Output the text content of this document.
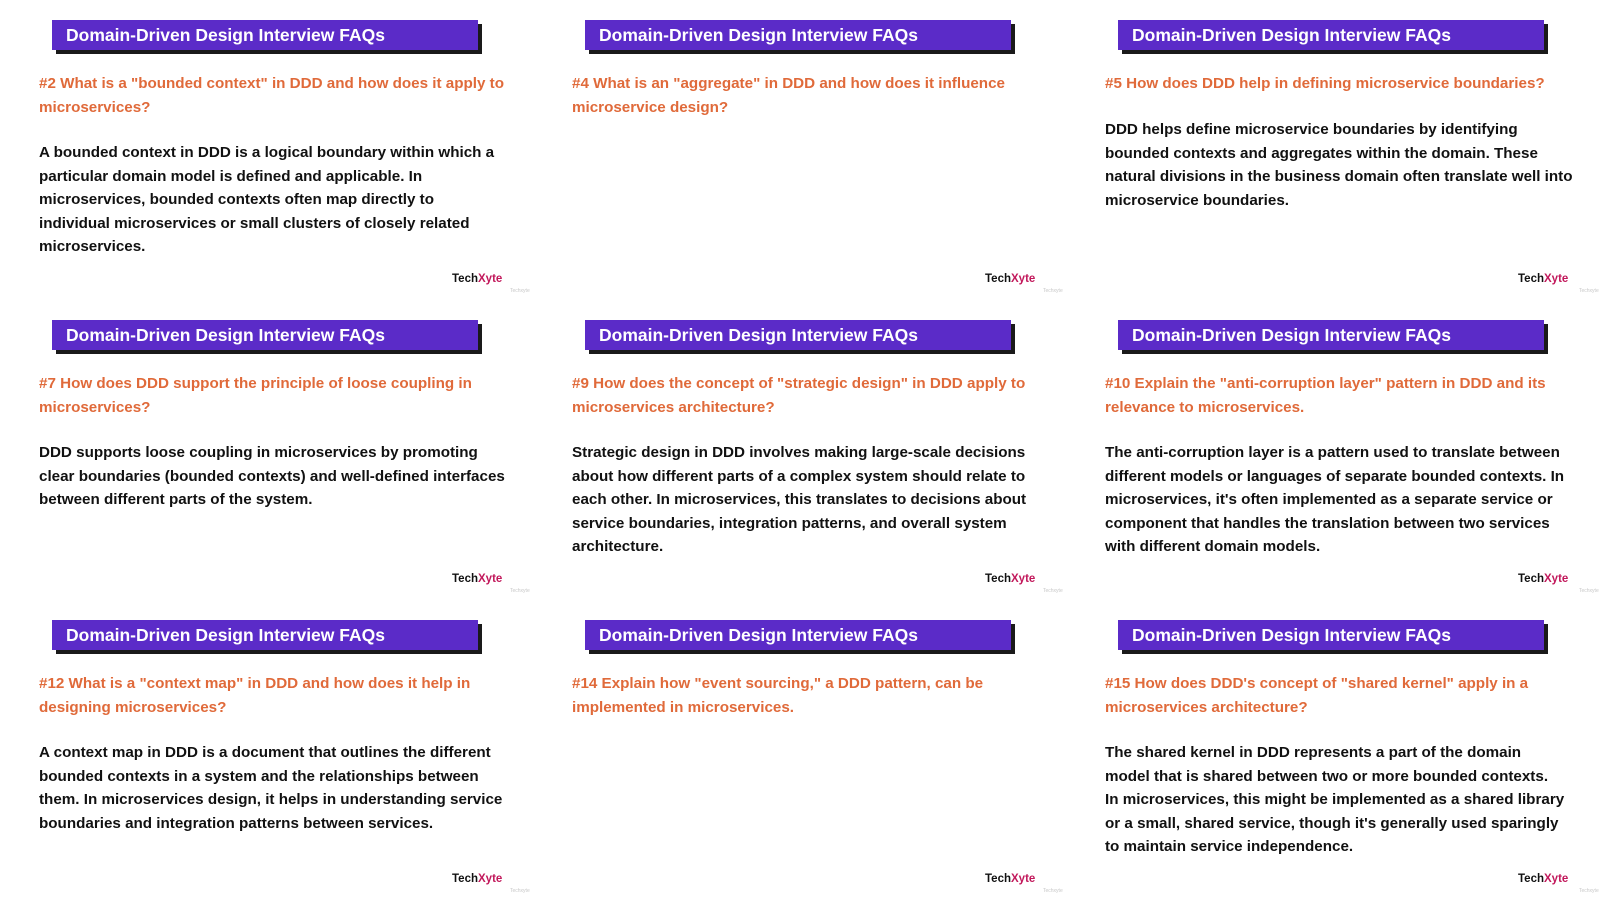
Domain-Driven Design Interview FAQs
#2 What is a "bounded context" in DDD and how does it apply to microservices?
A bounded context in DDD is a logical boundary within which a particular domain model is defined and applicable. In microservices, bounded contexts often map directly to individual microservices or small clusters of closely related microservices.
TechXyte
Techxyte
Domain-Driven Design Interview FAQs
#4 What is an "aggregate" in DDD and how does it influence microservice design?
TechXyte
Techxyte
Domain-Driven Design Interview FAQs
#5 How does DDD help in defining microservice boundaries?
DDD helps define microservice boundaries by identifying bounded contexts and aggregates within the domain. These natural divisions in the business domain often translate well into microservice boundaries.
TechXyte
Techxyte
Domain-Driven Design Interview FAQs
#7 How does DDD support the principle of loose coupling in microservices?
DDD supports loose coupling in microservices by promoting clear boundaries (bounded contexts) and well-defined interfaces between different parts of the system.
TechXyte
Techxyte
Domain-Driven Design Interview FAQs
#9 How does the concept of "strategic design" in DDD apply to microservices architecture?
Strategic design in DDD involves making large-scale decisions about how different parts of a complex system should relate to each other. In microservices, this translates to decisions about service boundaries, integration patterns, and overall system architecture.
TechXyte
Techxyte
Domain-Driven Design Interview FAQs
#10 Explain the "anti-corruption layer" pattern in DDD and its relevance to microservices.
The anti-corruption layer is a pattern used to translate between different models or languages of separate bounded contexts. In microservices, it's often implemented as a separate service or component that handles the translation between two services with different domain models.
TechXyte
Techxyte
Domain-Driven Design Interview FAQs
#12 What is a "context map" in DDD and how does it help in designing microservices?
A context map in DDD is a document that outlines the different bounded contexts in a system and the relationships between them. In microservices design, it helps in understanding service boundaries and integration patterns between services.
TechXyte
Techxyte
Domain-Driven Design Interview FAQs
#14 Explain how "event sourcing," a DDD pattern, can be implemented in microservices.
TechXyte
Techxyte
Domain-Driven Design Interview FAQs
#15 How does DDD's concept of "shared kernel" apply in a microservices architecture?
The shared kernel in DDD represents a part of the domain model that is shared between two or more bounded contexts. In microservices, this might be implemented as a shared library or a small, shared service, though it's generally used sparingly to maintain service independence.
TechXyte
Techxyte
